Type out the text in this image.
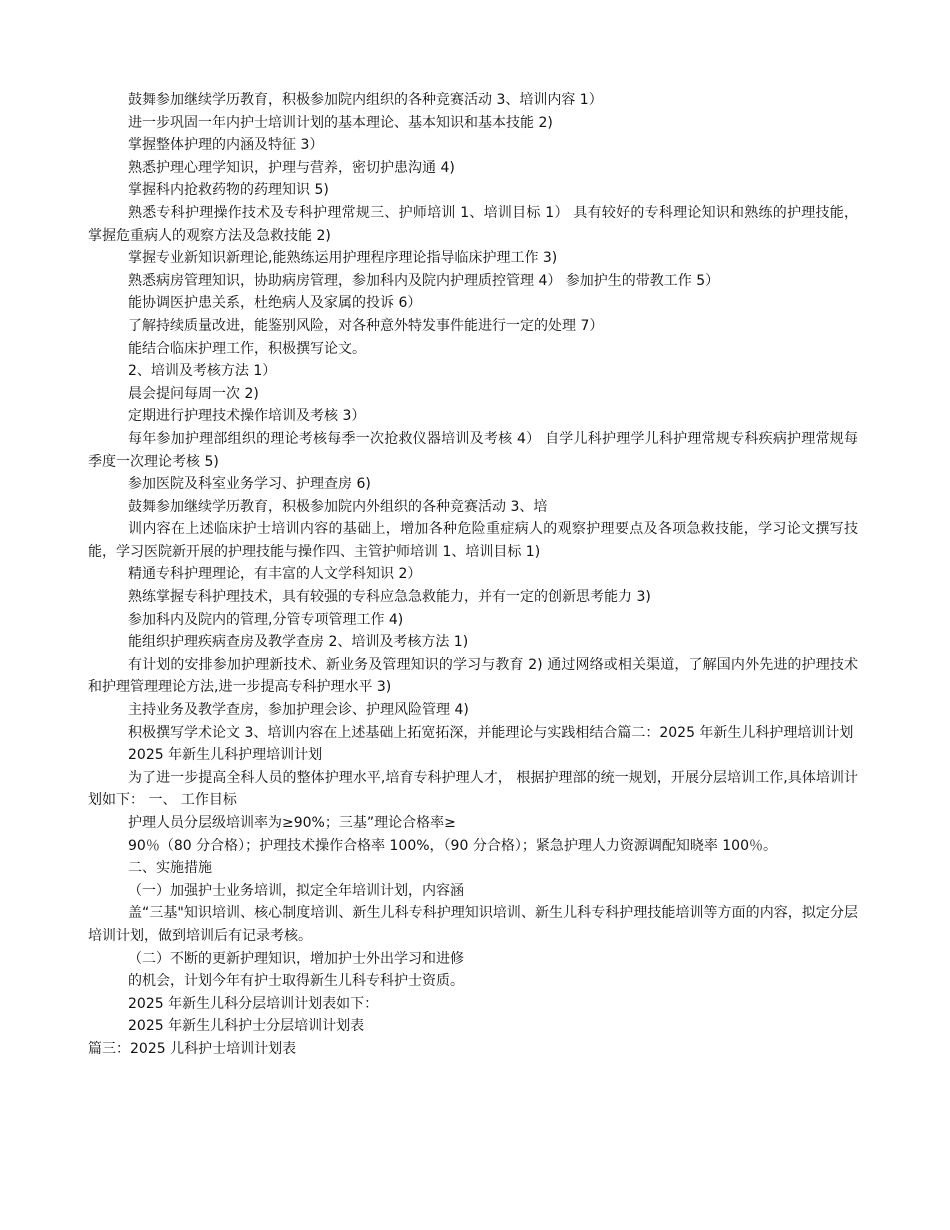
鼓舞参加继续学历教育，积极参加院内组织的各种竞赛活动 3、培训内容 1）

进一步巩固一年内护士培训计划的基本理论、基本知识和基本技能 2)

掌握整体护理的内涵及特征 3）

熟悉护理心理学知识，护理与营养，密切护患沟通 4)

掌握科内抢救药物的药理知识 5)

熟悉专科护理操作技术及专科护理常规三、护师培训 1、培训目标 1） 具有较好的专科理论知识和熟练的护理技能，掌握危重病人的观察方法及急救技能 2)

掌握专业新知识新理论,能熟练运用护理程序理论指导临床护理工作 3)

熟悉病房管理知识，协助病房管理，参加科内及院内护理质控管理 4） 参加护生的带教工作 5）

能协调医护患关系，杜绝病人及家属的投诉 6）

了解持续质量改进，能鉴别风险，对各种意外特发事件能进行一定的处理 7）

能结合临床护理工作，积极撰写论文。

2、培训及考核方法 1）

晨会提问每周一次 2)

定期进行护理技术操作培训及考核 3）

每年参加护理部组织的理论考核每季一次抢救仪器培训及考核 4） 自学儿科护理学儿科护理常规专科疾病护理常规每季度一次理论考核 5)

参加医院及科室业务学习、护理查房 6)

鼓舞参加继续学历教育，积极参加院内外组织的各种竞赛活动 3、培

训内容在上述临床护士培训内容的基础上，增加各种危险重症病人的观察护理要点及各项急救技能，学习论文撰写技能，学习医院新开展的护理技能与操作四、主管护师培训 1、培训目标 1)

精通专科护理理论，有丰富的人文学科知识 2）

熟练掌握专科护理技术，具有较强的专科应急急救能力，并有一定的创新思考能力 3)

参加科内及院内的管理,分管专项管理工作 4)

能组织护理疾病查房及教学查房 2、培训及考核方法 1)

有计划的安排参加护理新技术、新业务及管理知识的学习与教育 2) 通过网络或相关渠道，了解国内外先进的护理技术和护理管理理论方法,进一步提高专科护理水平 3)

主持业务及教学查房，参加护理会诊、护理风险管理 4)

积极撰写学术论文 3、培训内容在上述基础上拓宽拓深，并能理论与实践相结合篇二：2025 年新生儿科护理培训计划

2025 年新生儿科护理培训计划

为了进一步提高全科人员的整体护理水平,培育专科护理人才， 根据护理部的统一规划，开展分层培训工作,具体培训计划如下： 一、 工作目标

护理人员分层级培训率为≥90%；三基”理论合格率≥

90％（80 分合格）；护理技术操作合格率 100%，（90 分合格）；紧急护理人力资源调配知晓率 100％。

二、实施措施

（一）加强护士业务培训，拟定全年培训计划，内容涵

盖“三基"知识培训、核心制度培训、新生儿科专科护理知识培训、新生儿科专科护理技能培训等方面的内容，拟定分层培训计划，做到培训后有记录考核。

（二）不断的更新护理知识，增加护士外出学习和进修

的机会，计划今年有护士取得新生儿科专科护士资质。

2025 年新生儿科分层培训计划表如下：

2025 年新生儿科护士分层培训计划表

篇三：2025 儿科护士培训计划表
